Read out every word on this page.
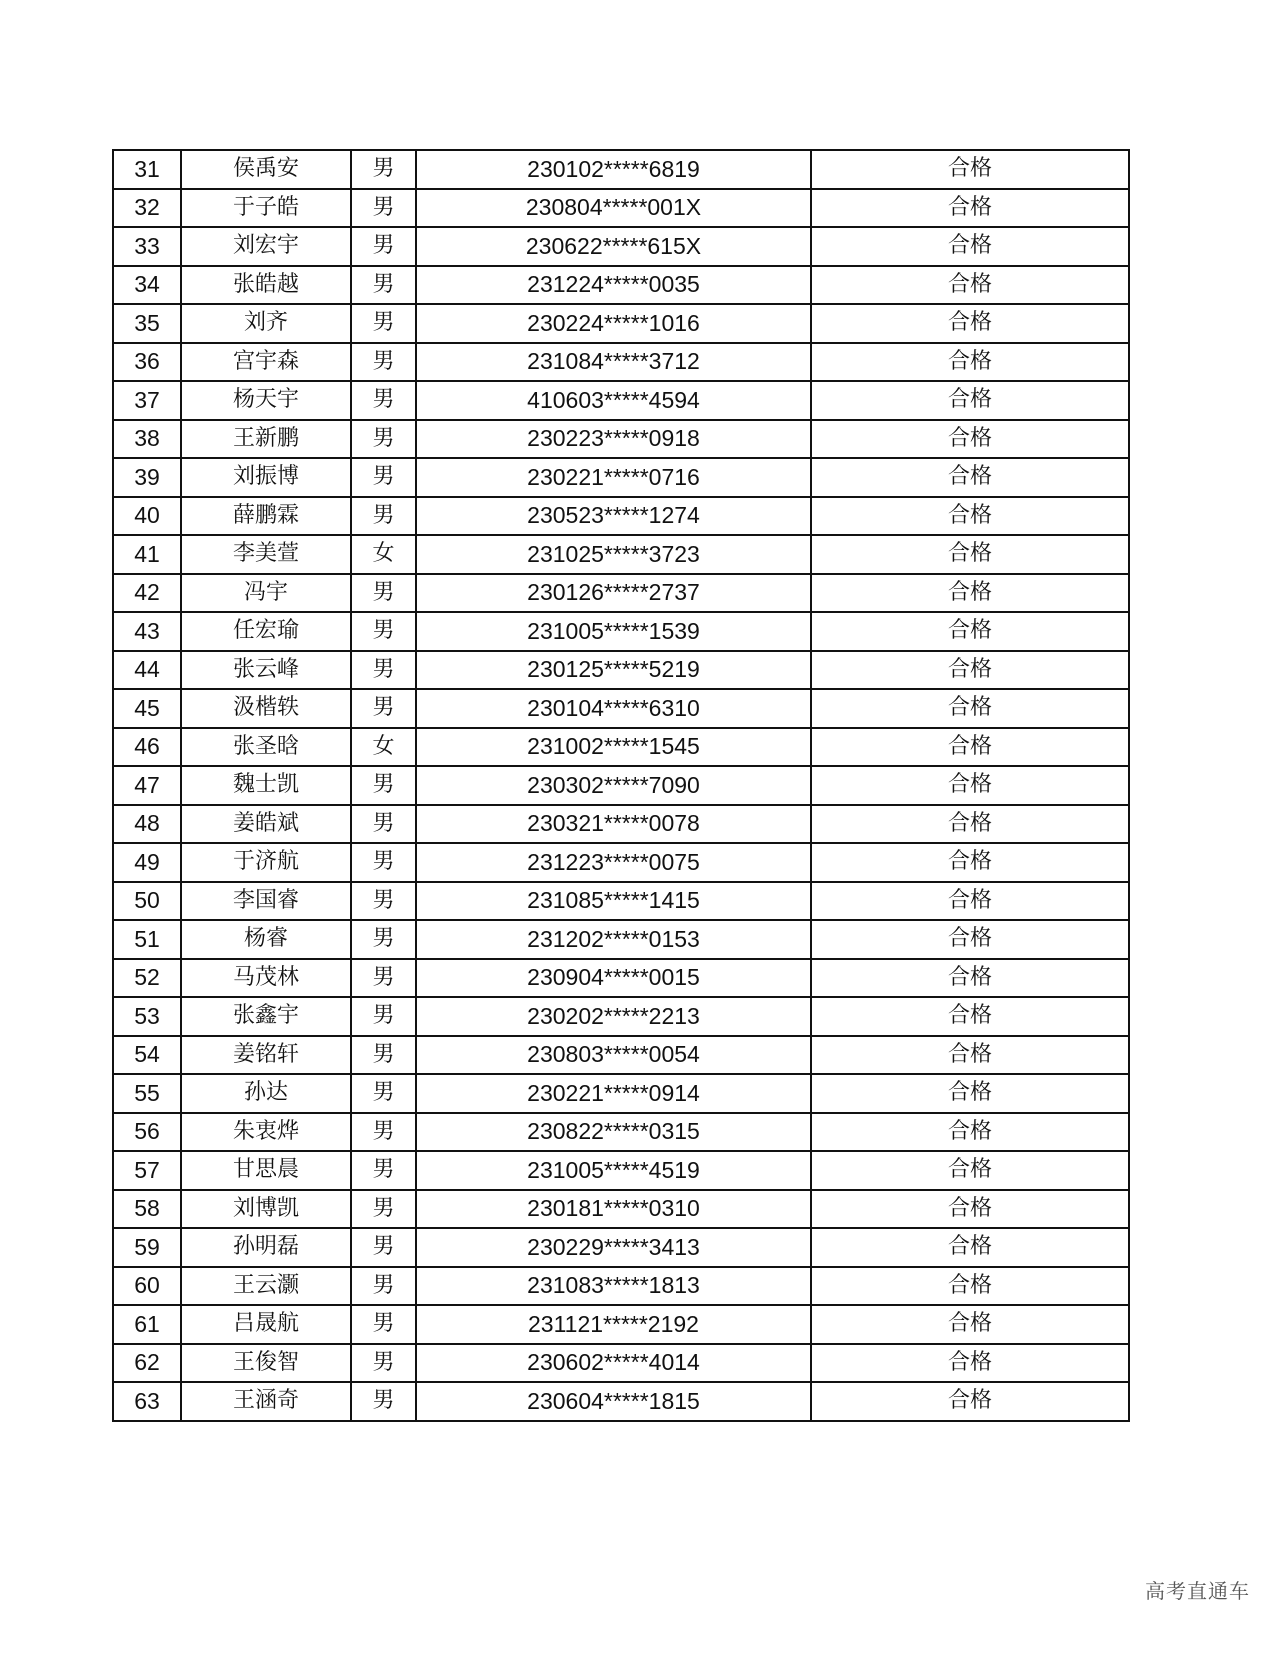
31	侯禹安	男	230102*****6819	合格
32	于子皓	男	230804*****001X	合格
33	刘宏宇	男	230622*****615X	合格
34	张皓越	男	231224*****0035	合格
35	刘齐	男	230224*****1016	合格
36	宫宇森	男	231084*****3712	合格
37	杨天宇	男	410603*****4594	合格
38	王新鹏	男	230223*****0918	合格
39	刘振博	男	230221*****0716	合格
40	薛鹏霖	男	230523*****1274	合格
41	李美萱	女	231025*****3723	合格
42	冯宇	男	230126*****2737	合格
43	任宏瑜	男	231005*****1539	合格
44	张云峰	男	230125*****5219	合格
45	汲楷轶	男	230104*****6310	合格
46	张圣晗	女	231002*****1545	合格
47	魏士凯	男	230302*****7090	合格
48	姜皓斌	男	230321*****0078	合格
49	于济航	男	231223*****0075	合格
50	李国睿	男	231085*****1415	合格
51	杨睿	男	231202*****0153	合格
52	马茂林	男	230904*****0015	合格
53	张鑫宇	男	230202*****2213	合格
54	姜铭轩	男	230803*****0054	合格
55	孙达	男	230221*****0914	合格
56	朱衷烨	男	230822*****0315	合格
57	甘思晨	男	231005*****4519	合格
58	刘博凯	男	230181*****0310	合格
59	孙明磊	男	230229*****3413	合格
60	王云灏	男	231083*****1813	合格
61	吕晟航	男	231121*****2192	合格
62	王俊智	男	230602*****4014	合格
63	王涵奇	男	230604*****1815	合格
高考直通车
